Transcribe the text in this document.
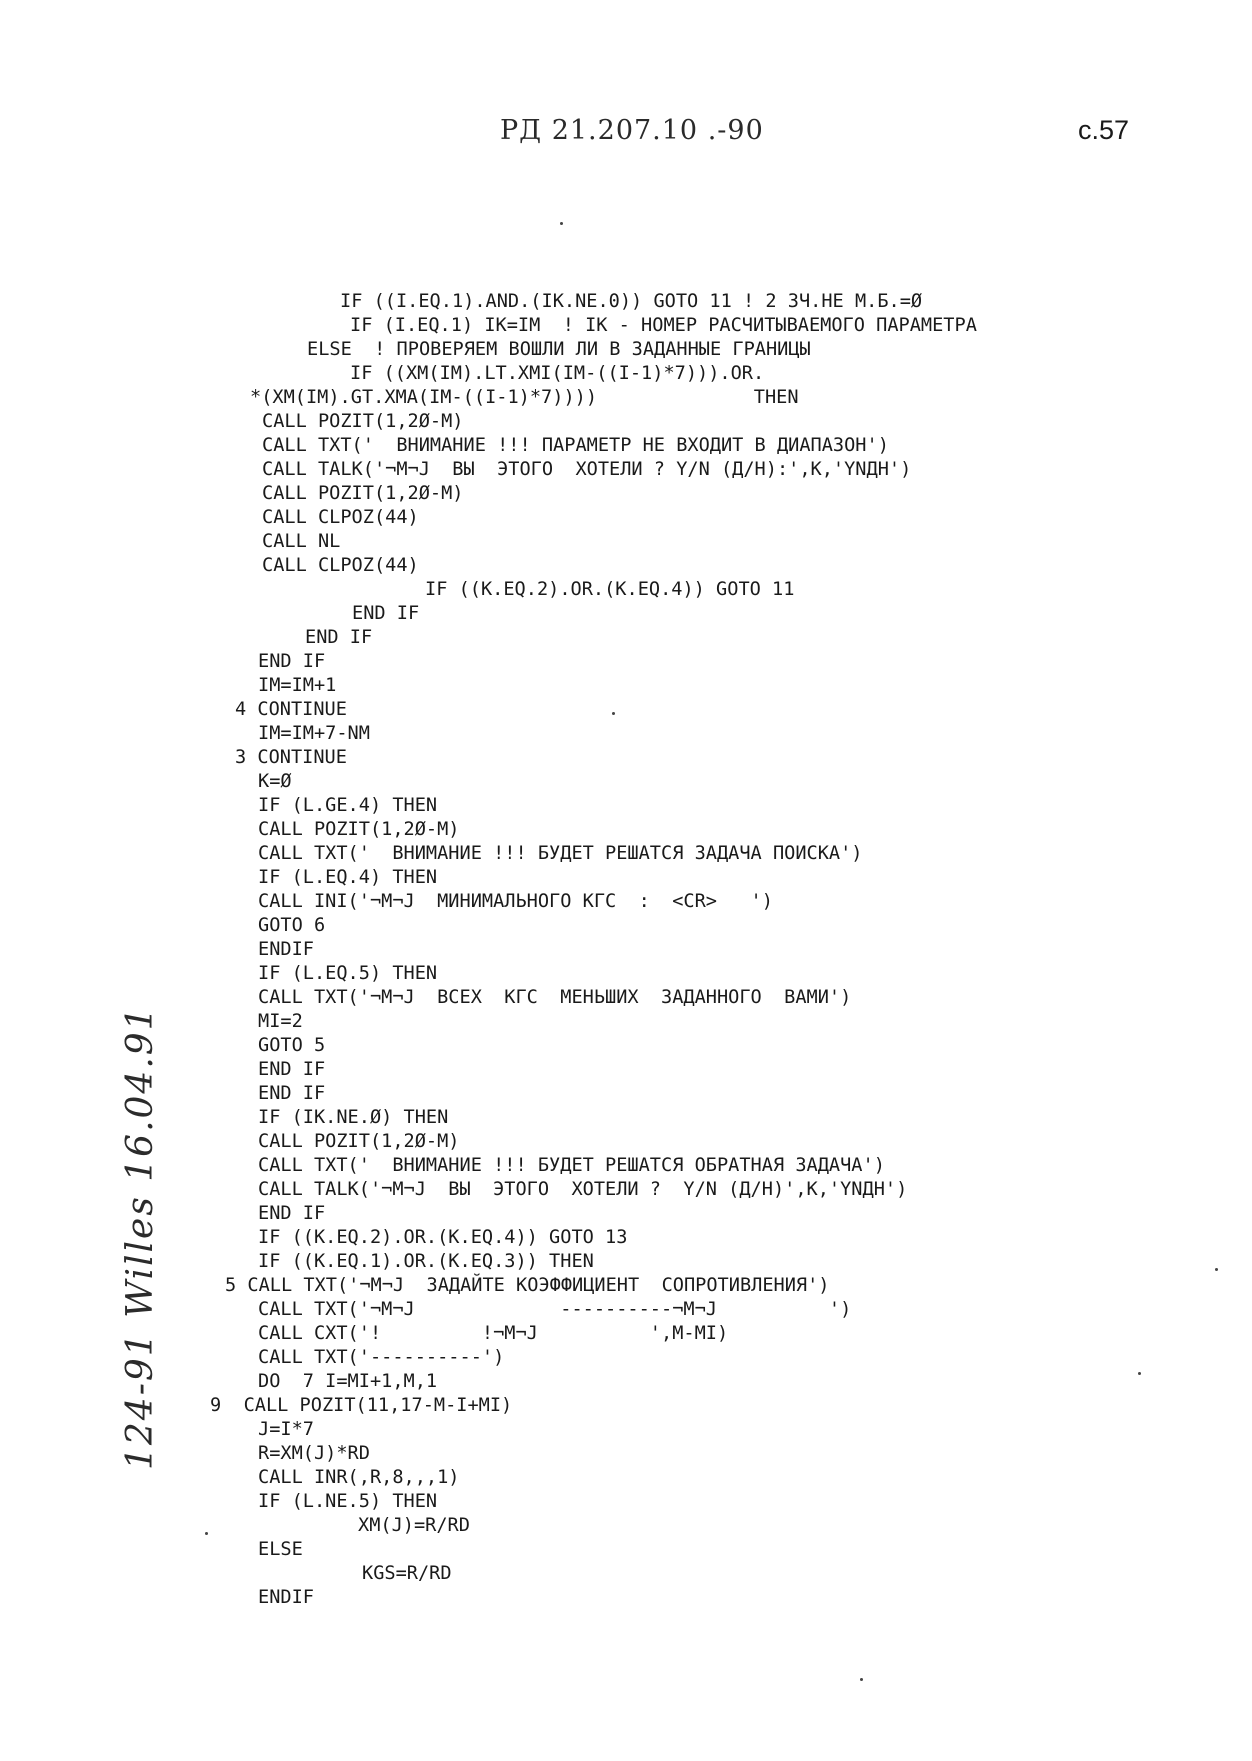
РД 21.207.10 .-90	с.57
IF ((I.EQ.1).AND.(IK.NE.0)) GOTO 11 ! 2 ЗЧ.НЕ М.Б.=Ø
IF (I.EQ.1) IK=IM  ! IK - НОМЕР РАСЧИТЫВАЕМОГО ПАРАМЕТРА
ELSE  ! ПРОВЕРЯЕМ ВОШЛИ ЛИ В ЗАДАННЫЕ ГРАНИЦЫ
IF ((XM(IM).LT.XMI(IM-((I-1)*7))).OR.
*(XM(IM).GT.XMA(IM-((I-1)*7))))              THEN
CALL POZIT(1,2Ø-M)
CALL TXT('  ВНИМАНИЕ !!! ПАРАМЕТР НЕ ВХОДИТ В ДИАПАЗОН')
CALL TALK('¬M¬J  ВЫ  ЭТОГО  ХОТЕЛИ ? Y/N (Д/Н):',K,'YNДН')
CALL POZIT(1,2Ø-M)
CALL CLPOZ(44)
CALL NL
CALL CLPOZ(44)
IF ((K.EQ.2).OR.(K.EQ.4)) GOTO 11
END IF
END IF
END IF
IM=IM+1
4 CONTINUE
IM=IM+7-NM
3 CONTINUE
K=Ø
IF (L.GE.4) THEN
CALL POZIT(1,2Ø-M)
CALL TXT('  ВНИМАНИЕ !!! БУДЕТ РЕШАТСЯ ЗАДАЧА ПОИСКА')
IF (L.EQ.4) THEN
CALL INI('¬M¬J  МИНИМАЛЬНОГО КГС  :  <CR>   ')
GOTO 6
ENDIF
IF (L.EQ.5) THEN
CALL TXT('¬M¬J  ВСЕХ  КГС  МЕНЬШИХ  ЗАДАННОГО  ВАМИ')
MI=2
GOTO 5
END IF
END IF
IF (IK.NE.Ø) THEN
CALL POZIT(1,2Ø-M)
CALL TXT('  ВНИМАНИЕ !!! БУДЕТ РЕШАТСЯ ОБРАТНАЯ ЗАДАЧА')
CALL TALK('¬M¬J  ВЫ  ЭТОГО  ХОТЕЛИ ?  Y/N (Д/Н)',K,'YNДН')
END IF
IF ((K.EQ.2).OR.(K.EQ.4)) GOTO 13
IF ((K.EQ.1).OR.(K.EQ.3)) THEN
5 CALL TXT('¬M¬J  ЗАДАЙТЕ КОЭФФИЦИЕНТ  СОПРОТИВЛЕНИЯ')
CALL TXT('¬M¬J             ----------¬M¬J          ')
CALL CXT('!         !¬M¬J          ',M-MI)
CALL TXT('----------')
DO  7 I=MI+1,M,1
9  CALL POZIT(11,17-M-I+MI)
J=I*7
R=XM(J)*RD
CALL INR(,R,8,,,1)
IF (L.NE.5) THEN
XM(J)=R/RD
ELSE
KGS=R/RD
ENDIF
124-91 Willes 16.04.91
